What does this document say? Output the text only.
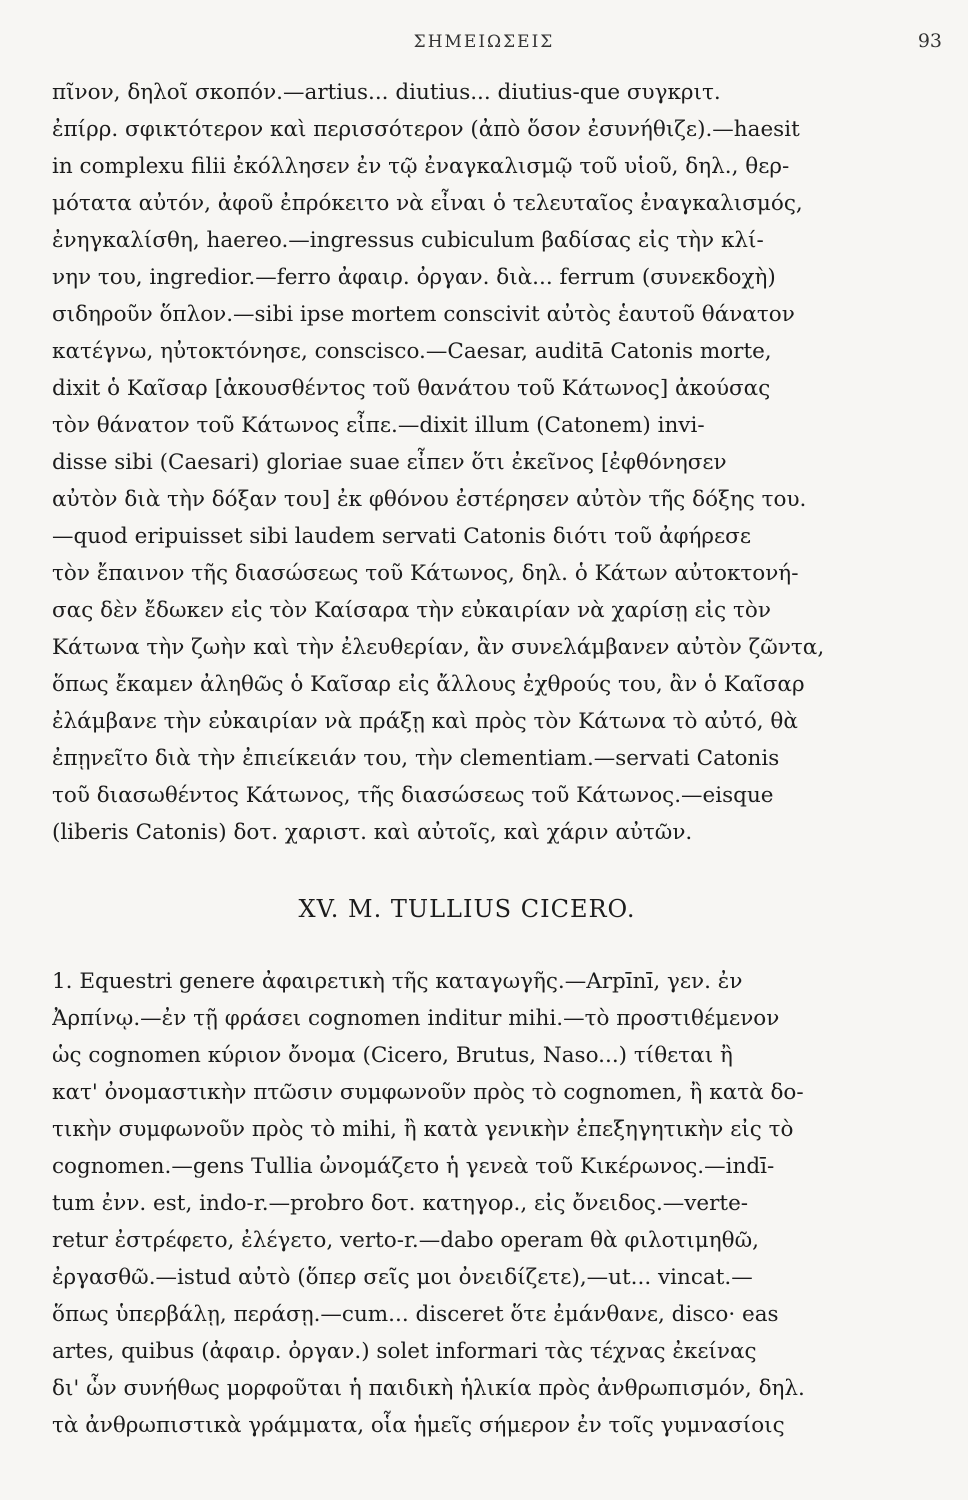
ΣΗΜΕΙΩΣΕΙΣ	93
πῖνον, δηλοῖ σκοπόν.—artius... diutius... diutius-que συγκριτ.
ἐπίρρ. σφικτότερον καὶ περισσότερον (ἀπὸ ὅσον ἐσυνήθιζε).—haesit
in complexu filii ἐκόλλησεν ἐν τῷ ἐναγκαλισμῷ τοῦ υἱοῦ, δηλ., θερ-
μότατα αὐτόν, ἀφοῦ ἐπρόκειτο νὰ εἶναι ὁ τελευταῖος ἐναγκαλισμός,
ἐνηγκαλίσθη, haereo.—ingressus cubiculum βαδίσας εἰς τὴν κλί-
νην του, ingredior.—ferro ἀφαιρ. ὀργαν. διὰ... ferrum (συνεκδοχὴ)
σιδηροῦν ὅπλον.—sibi ipse mortem conscivit αὐτὸς ἑαυτοῦ θάνατον
κατέγνω, ηὐτοκτόνησε, conscisco.—Caesar, auditā Catonis morte,
dixit ὁ Καῖσαρ [ἀκουσθέντος τοῦ θανάτου τοῦ Κάτωνος] ἀκούσας
τὸν θάνατον τοῦ Κάτωνος εἶπε.—dixit illum (Catonem) invi-
disse sibi (Caesari) gloriae suae εἶπεν ὅτι ἐκεῖνος [ἐφθόνησεν
αὐτὸν διὰ τὴν δόξαν του] ἐκ φθόνου ἐστέρησεν αὐτὸν τῆς δόξης του.
—quod eripuisset sibi laudem servati Catonis διότι τοῦ ἀφήρεσε
τὸν ἔπαινον τῆς διασώσεως τοῦ Κάτωνος, δηλ. ὁ Κάτων αὐτοκτονή-
σας δὲν ἔδωκεν εἰς τὸν Καίσαρα τὴν εὐκαιρίαν νὰ χαρίσῃ εἰς τὸν
Κάτωνα τὴν ζωὴν καὶ τὴν ἐλευθερίαν, ἂν συνελάμβανεν αὐτὸν ζῶντα,
ὅπως ἔκαμεν ἀληθῶς ὁ Καῖσαρ εἰς ἄλλους ἐχθρούς του, ἂν ὁ Καῖσαρ
ἐλάμβανε τὴν εὐκαιρίαν νὰ πράξῃ καὶ πρὸς τὸν Κάτωνα τὸ αὐτό, θὰ
ἐπῃνεῖτο διὰ τὴν ἐπιείκειάν του, τὴν clementiam.—servati Catonis
τοῦ διασωθέντος Κάτωνος, τῆς διασώσεως τοῦ Κάτωνος.—eisque
(liberis Catonis) δοτ. χαριστ. καὶ αὐτοῖς, καὶ χάριν αὐτῶν.
XV. M. TULLIUS CICERO.
1. Equestri genere ἀφαιρετικὴ τῆς καταγωγῆς.—Arpīnī, γεν. ἐν
Ἀρπίνῳ.—ἐν τῇ φράσει cognomen inditur mihi.—τὸ προστιθέμενον
ὡς cognomen κύριον ὄνομα (Cicero, Brutus, Naso...) τίθεται ἢ
κατ' ὀνομαστικὴν πτῶσιν συμφωνοῦν πρὸς τὸ cognomen, ἢ κατὰ δο-
τικὴν συμφωνοῦν πρὸς τὸ mihi, ἢ κατὰ γενικὴν ἐπεξηγητικὴν εἰς τὸ
cognomen.—gens Tullia ὠνομάζετο ἡ γενεὰ τοῦ Κικέρωνος.—indī-
tum ἐνν. est, indo-r.—probro δοτ. κατηγορ., εἰς ὄνειδος.—verte-
retur ἐστρέφετο, ἐλέγετο, verto-r.—dabo operam θὰ φιλοτιμηθῶ,
ἐργασθῶ.—istud αὐτὸ (ὅπερ σεῖς μοι ὀνειδίζετε),—ut... vincat.—
ὅπως ὑπερβάλῃ, περάσῃ.—cum... disceret ὅτε ἐμάνθανε, disco· eas
artes, quibus (ἀφαιρ. ὀργαν.) solet informari τὰς τέχνας ἐκείνας
δι' ὧν συνήθως μορφοῦται ἡ παιδικὴ ἡλικία πρὸς ἀνθρωπισμόν, δηλ.
τὰ ἀνθρωπιστικὰ γράμματα, οἷα ἡμεῖς σήμερον ἐν τοῖς γυμνασίοις
